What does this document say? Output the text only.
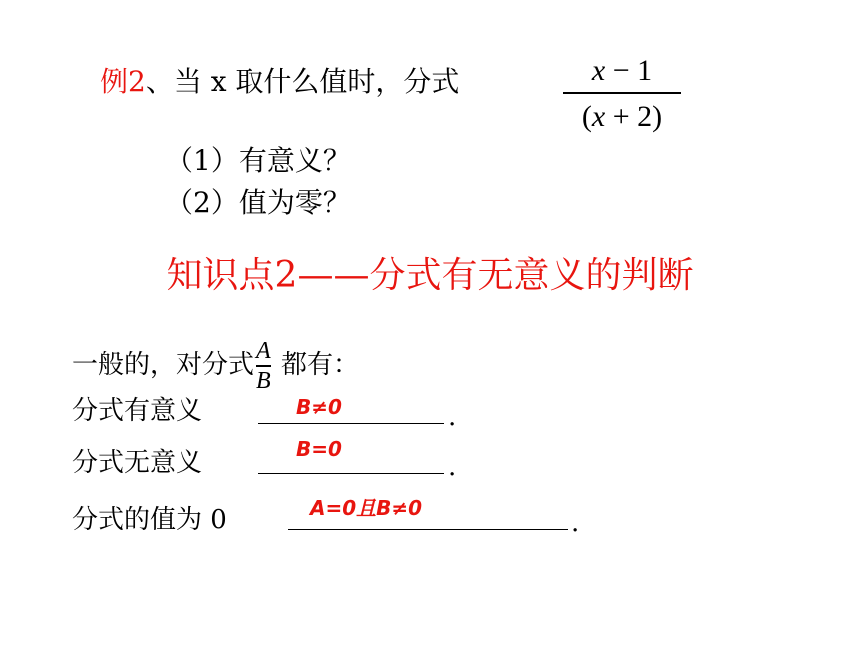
例2、当 x 取什么值时，分式	x − 1
(x + 2)
（1）有意义？
（2）值为零？
知识点2——分式有无意义的判断
一般的，对分式$\frac{A}{B}$ 都有：
分式有意义	B≠0	.
分式无意义	B=0
.
分式的值为 0	A=0且B≠0	.
